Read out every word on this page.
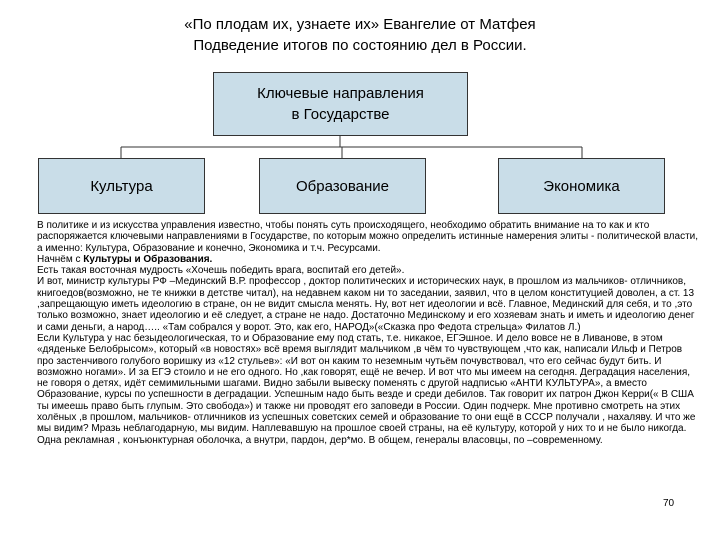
«По плодам их, узнаете их» Евангелие от Матфея
Подведение итогов по состоянию дел в России.
Ключевые направления
в Государстве
Культура	Образование	Экономика

В политике и из искусства управления известно, чтобы понять суть происходящего, необходимо обратить внимание на то как и кто распоряжается ключевыми направлениями в Государстве, по которым можно определить истинные намерения элиты - политической власти, а именно: Культура, Образование и конечно, Экономика и т.ч. Ресурсами.

Начнём с Культуры и Образования.

Есть такая восточная мудрость «Хочешь победить врага, воспитай его детей».

И вот, министр культуры РФ –Мединский В.Р. профессор , доктор политических и исторических наук, в прошлом из мальчиков- отличников, книгоедов(возможно, не те книжки в детстве читал), на недавнем каком ни то заседании, заявил, что в целом конституцией доволен, а ст. 13 ,запрещающую иметь идеологию в стране, он не видит смысла менять. Ну, вот нет идеологии и всё. Главное, Мединский для себя, и то ,это только возможно, знает идеологию и её следует, а стране не надо. Достаточно Мединскому и его хозяевам знать и иметь и идеологию денег и сами деньги, а народ….. «Там собрался у ворот. Это, как его, НАРОД»(«Сказка про Федота стрельца» Филатов Л.)

Если Культура у нас безыдеологическая, то и Образование ему под стать, т.е. никакое, ЕГЭшное. И дело вовсе не в Ливанове, в этом «дяденьке Белобрысом», который «в новостях» всё время выглядит мальчиком ,в чём то чувствующем ,что как, написали Ильф и Петров про застенчивого голубого воришку из «12 стульев»: «И вот он каким то неземным чутьём почувствовал, что его сейчас будут бить. И возможно ногами». И за ЕГЭ стоило и не его одного. Но ,как говорят, ещё не вечер. И вот что мы имеем на сегодня. Деградация населения, не говоря о детях, идёт семимильными шагами. Видно забыли вывеску поменять с другой надписью «АНТИ КУЛЬТУРА», а вместо Образование, курсы по успешности в деградации. Успешным надо быть везде и среди дебилов. Так говорит их патрон Джон Керри(« В США ты имеешь право быть глупым. Это свобода») и также ни проводят его заповеди в России. Один подчерк. Мне противно смотреть на этих холёных ,в прошлом, мальчиков- отличников из успешных советских семей и образование то они ещё в СССР получали , нахаляву. И что же мы видим? Мразь неблагодарную, мы видим. Наплевавшую на прошлое своей страны, на её культуру, которой у них то и не было никогда. Одна рекламная , конъюнктурная оболочка, а внутри, пардон, дер*мо. В общем, генералы власовцы, по –современному.

70
